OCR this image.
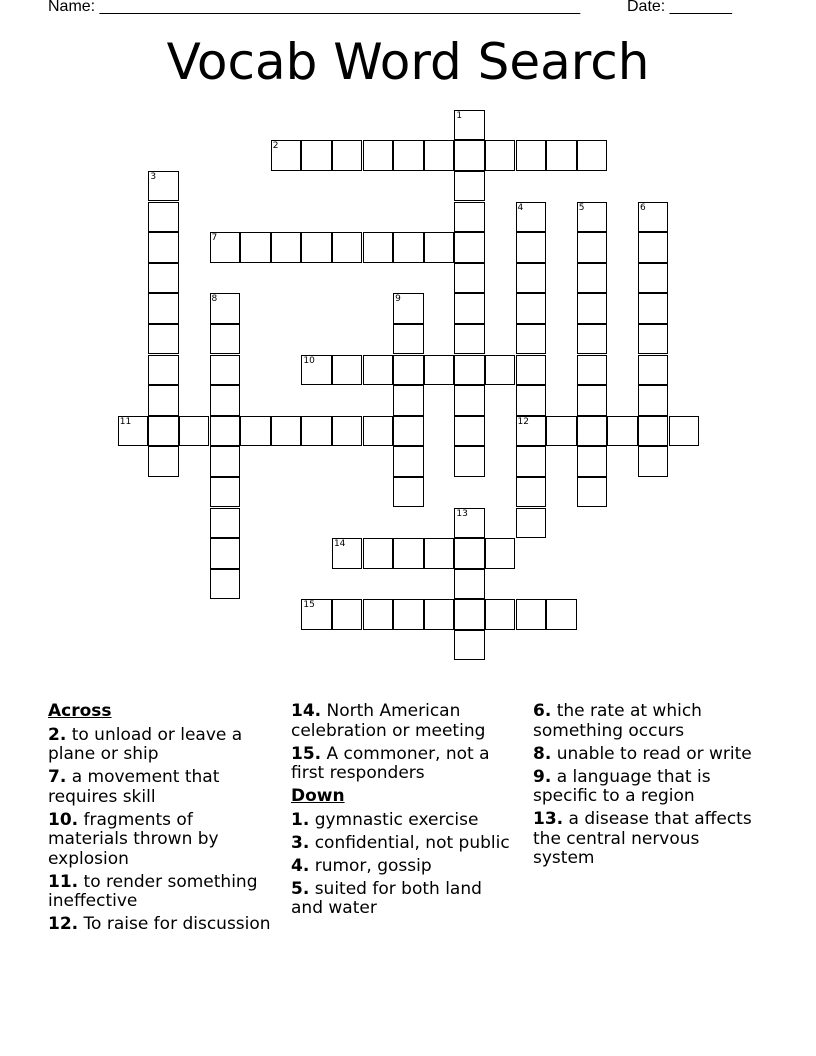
Name: ______________________________________________________	Date: _______
Vocab Word Search
1
2
3
4
12
5	6
7
8	9
10
11
13
14
15
Across
2. to unload or leave a plane or ship
7. a movement that requires skill
10. fragments of materials thrown by explosion
11. to render something ineffective
12. To raise for discussion
14. North American celebration or meeting
15. A commoner, not a first responders
Down
1. gymnastic exercise
3. confidential, not public
4. rumor, gossip
5. suited for both land and water
6. the rate at which something occurs
8. unable to read or write
9. a language that is specific to a region
13. a disease that affects the central nervous system
